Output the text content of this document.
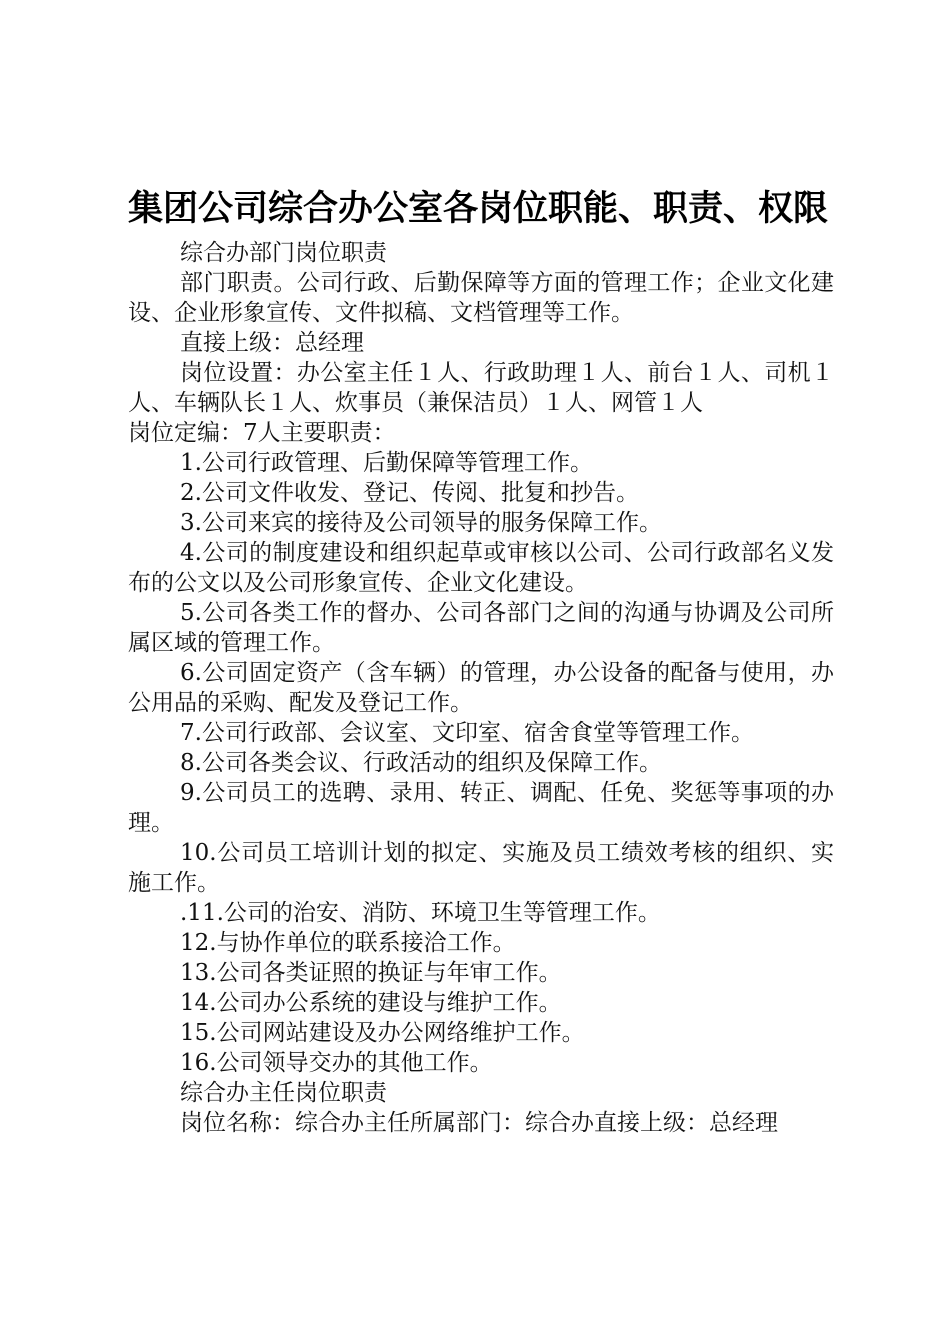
集团公司综合办公室各岗位职能、职责、权限

综合办部门岗位职责

部门职责。公司行政、后勤保障等方面的管理工作；企业文化建设、企业形象宣传、文件拟稿、文档管理等工作。

直接上级：总经理

岗位设置：办公室主任１人、行政助理１人、前台１人、司机１人、车辆队长１人、炊事员（兼保洁员）１人、网管１人

岗位定编：7人主要职责：

1.公司行政管理、后勤保障等管理工作。

2.公司文件收发、登记、传阅、批复和抄告。

3.公司来宾的接待及公司领导的服务保障工作。

4.公司的制度建设和组织起草或审核以公司、公司行政部名义发布的公文以及公司形象宣传、企业文化建设。

5.公司各类工作的督办、公司各部门之间的沟通与协调及公司所属区域的管理工作。

6.公司固定资产（含车辆）的管理，办公设备的配备与使用，办公用品的采购、配发及登记工作。

7.公司行政部、会议室、文印室、宿舍食堂等管理工作。

8.公司各类会议、行政活动的组织及保障工作。

9.公司员工的选聘、录用、转正、调配、任免、奖惩等事项的办理。

10.公司员工培训计划的拟定、实施及员工绩效考核的组织、实施工作。

.11.公司的治安、消防、环境卫生等管理工作。

12.与协作单位的联系接洽工作。

13.公司各类证照的换证与年审工作。

14.公司办公系统的建设与维护工作。

15.公司网站建设及办公网络维护工作。

16.公司领导交办的其他工作。

综合办主任岗位职责

岗位名称：综合办主任所属部门：综合办直接上级：总经理
